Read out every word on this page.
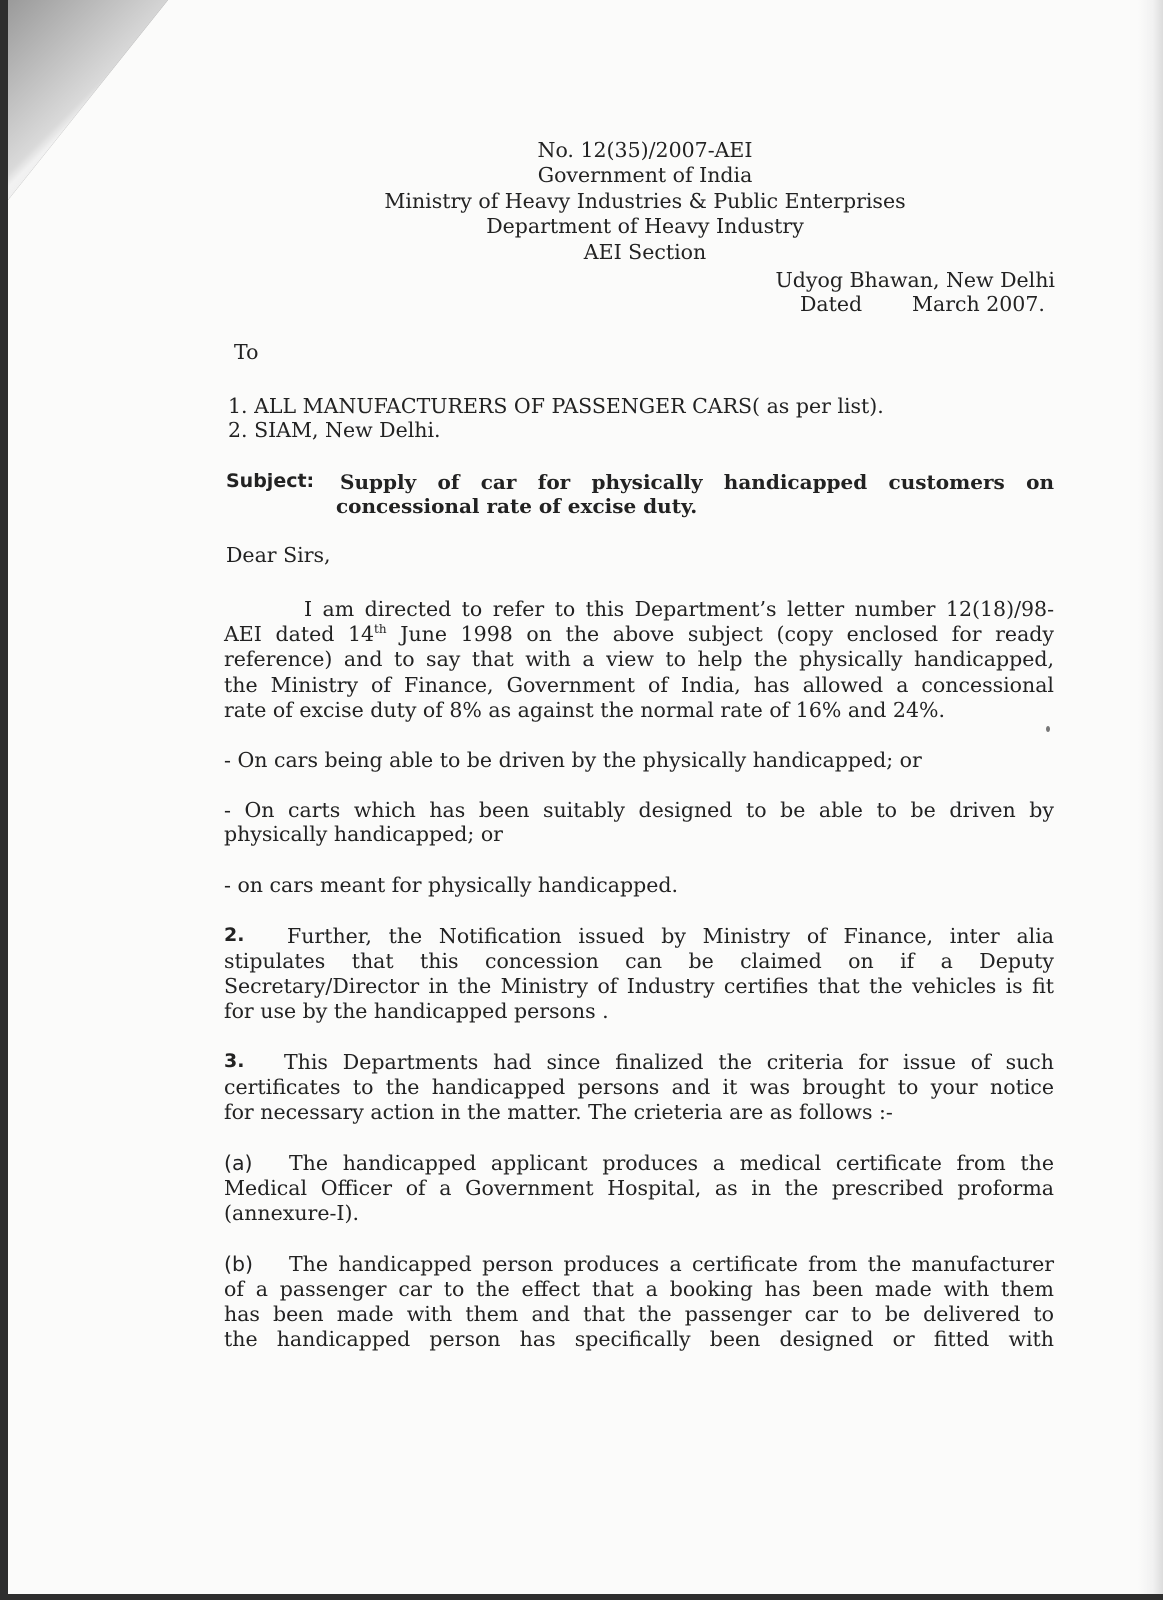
No. 12(35)/2007-AEI
Government of India
Ministry of Heavy Industries & Public Enterprises
Department of Heavy Industry
AEI Section
Udyog Bhawan, New Delhi
Dated March 2007.
To
1. ALL MANUFACTURERS OF PASSENGER CARS( as per list).
2. SIAM, New Delhi.
Subject: Supply of car for physically handicapped customers on
concessional rate of excise duty.
Dear Sirs,
I am directed to refer to this Department’s letter number 12(18)/98-
AEI dated 14th June 1998 on the above subject (copy enclosed for ready
reference) and to say that with a view to help the physically handicapped,
the Ministry of Finance, Government of India, has allowed a concessional
rate of excise duty of 8% as against the normal rate of 16% and 24%.
- On cars being able to be driven by the physically handicapped; or
- On carts which has been suitably designed to be able to be driven by
physically handicapped; or
- on cars meant for physically handicapped.
2. Further, the Notification issued by Ministry of Finance, inter alia
stipulates that this concession can be claimed on if a Deputy
Secretary/Director in the Ministry of Industry certifies that the vehicles is fit
for use by the handicapped persons .
3. This Departments had since finalized the criteria for issue of such
certificates to the handicapped persons and it was brought to your notice
for necessary action in the matter. The crieteria are as follows :-
(a) The handicapped applicant produces a medical certificate from the
Medical Officer of a Government Hospital, as in the prescribed proforma
(annexure-I).
(b) The handicapped person produces a certificate from the manufacturer
of a passenger car to the effect that a booking has been made with them
has been made with them and that the passenger car to be delivered to
the handicapped person has specifically been designed or fitted with
